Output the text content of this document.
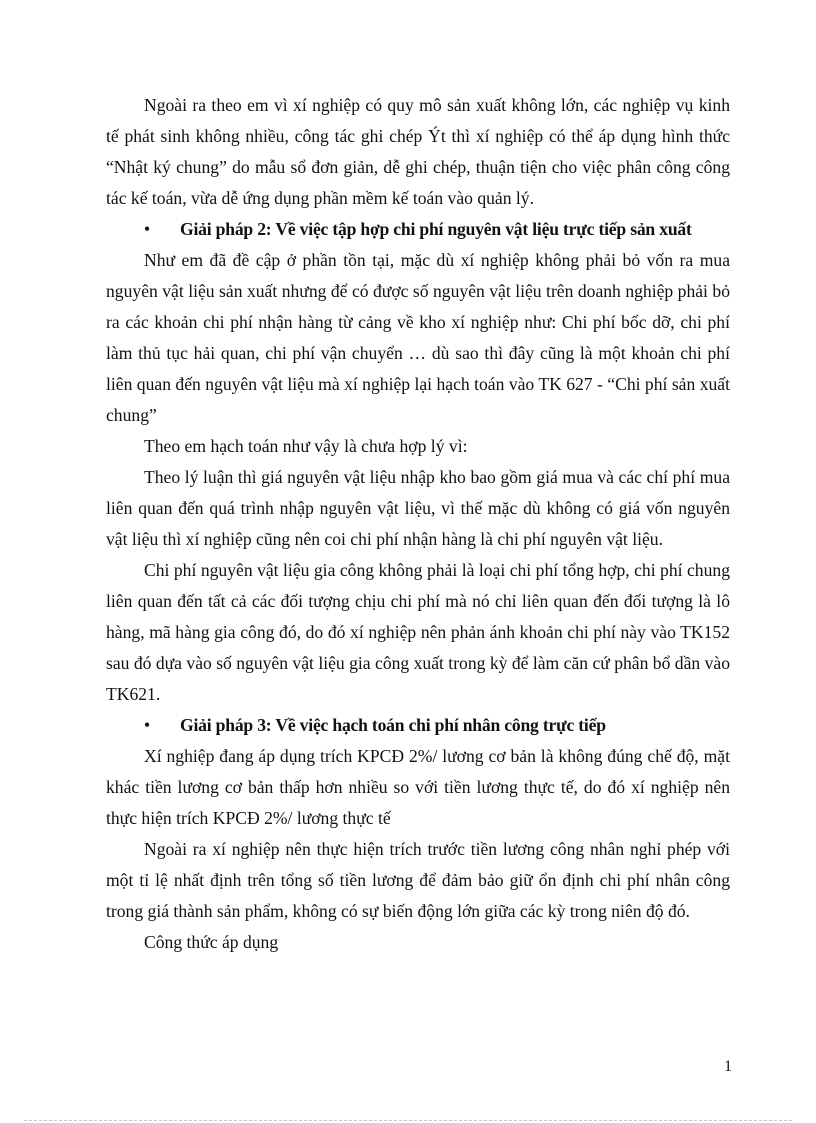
Ngoài ra theo em vì xí nghiệp có quy mô sản xuất không lớn, các nghiệp vụ kinh tế phát sinh không nhiều, công tác ghi chép Ýt thì xí nghiệp có thể áp dụng hình thức “Nhật ký chung” do mẫu sổ đơn giản, dễ ghi chép, thuận tiện cho việc phân công công tác kế toán, vừa dễ ứng dụng phần mềm kế toán vào quản lý.

• Giải pháp 2: Về việc tập hợp chi phí nguyên vật liệu trực tiếp sản xuất

Như em đã đề cập ở phần tồn tại, mặc dù xí nghiệp không phải bỏ vốn ra mua nguyên vật liệu sản xuất nhưng để có được số nguyên vật liệu trên doanh nghiệp phải bỏ ra các khoản chi phí nhận hàng từ cảng về kho xí nghiệp như: Chi phí bốc dỡ, chi phí làm thủ tục hải quan, chi phí vận chuyển … dù sao thì đây cũng là một khoản chi phí liên quan đến nguyên vật liệu mà xí nghiệp lại hạch toán vào TK 627 - “Chi phí sản xuất chung”

Theo em hạch toán như vậy là chưa hợp lý vì:

Theo lý luận thì giá nguyên vật liệu nhập kho bao gồm giá mua và các chí phí mua liên quan đến quá trình nhập nguyên vật liệu, vì thế mặc dù không có giá vốn nguyên vật liệu thì xí nghiệp cũng nên coi chi phí nhận hàng là chi phí nguyên vật liệu.

Chi phí nguyên vật liệu gia công không phải là loại chi phí tổng hợp, chi phí chung liên quan đến tất cả các đối tượng chịu chi phí mà nó chỉ liên quan đến đối tượng là lô hàng, mã hàng gia công đó, do đó xí nghiệp nên phản ánh khoản chi phí này vào TK152 sau đó dựa vào số nguyên vật liệu gia công xuất trong kỳ để làm căn cứ phân bổ dần vào TK621.

• Giải pháp 3: Về việc hạch toán chi phí nhân công trực tiếp

Xí nghiệp đang áp dụng trích KPCĐ 2%/ lương cơ bản là không đúng chế độ, mặt khác tiền lương cơ bản thấp hơn nhiều so với tiền lương thực tế, do đó xí nghiệp nên thực hiện trích KPCĐ 2%/ lương thực tế

Ngoài ra xí nghiệp nên thực hiện trích trước tiền lương công nhân nghỉ phép với một tỉ lệ nhất định trên tổng số tiền lương để đảm bảo giữ ổn định chi phí nhân công trong giá thành sản phẩm, không có sự biến động lớn giữa các kỳ trong niên độ đó.

Công thức áp dụng

1
